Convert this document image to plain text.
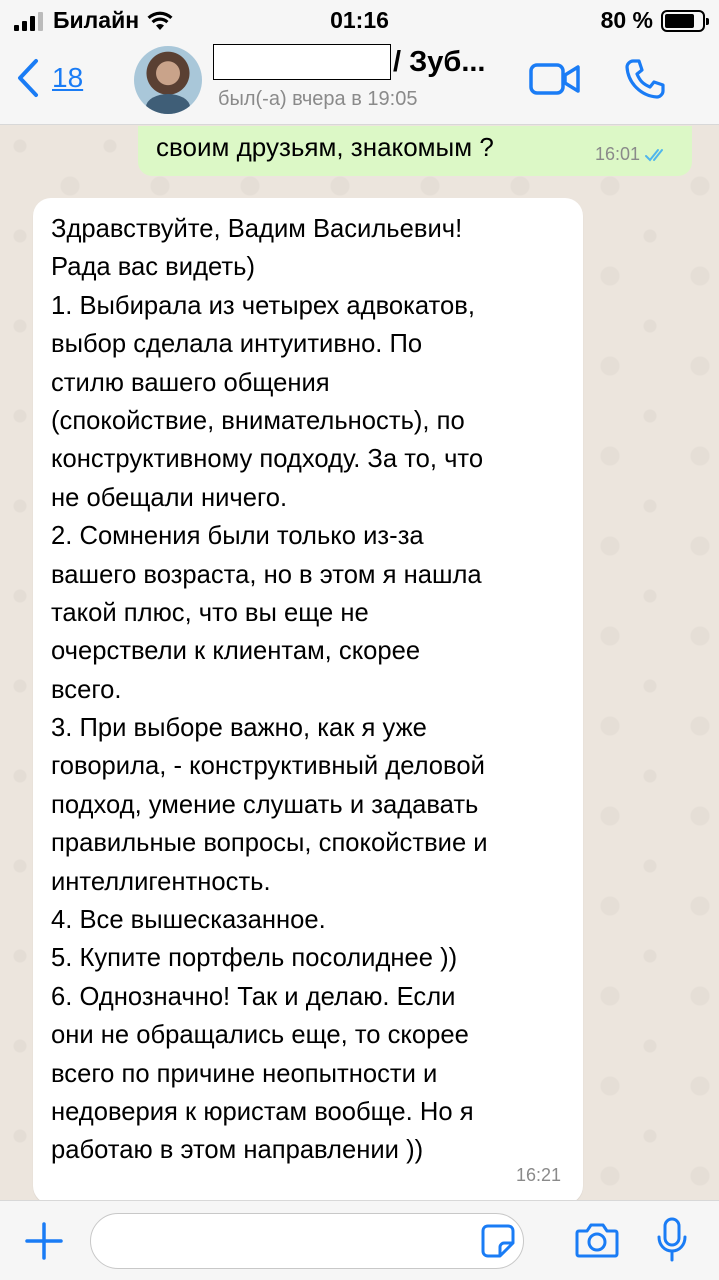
Билайн	01:16	80 %
18	/ Зуб...
был(-а) вчера в 19:05
своим друзьям, знакомым ?	16:01
Здравствуйте, Вадим Васильевич!
Рада вас видеть)
1. Выбирала из четырех адвокатов,
выбор сделала интуитивно. По
стилю вашего общения
(спокойствие, внимательность), по
конструктивному подходу. За то, что
не обещали ничего.
2. Сомнения были только из-за
вашего возраста, но в этом я нашла
такой плюс, что вы еще не
очерствели к клиентам, скорее
всего.
3. При выборе важно, как я уже
говорила, - конструктивный деловой
подход, умение слушать и задавать
правильные вопросы, спокойствие и
интеллигентность.
4. Все вышесказанное.
5. Купите портфель посолиднее ))
6. Однозначно! Так и делаю. Если
они не обращались еще, то скорее
всего по причине неопытности и
недоверия к юристам вообще. Но я
работаю в этом направлении ))
16:21
